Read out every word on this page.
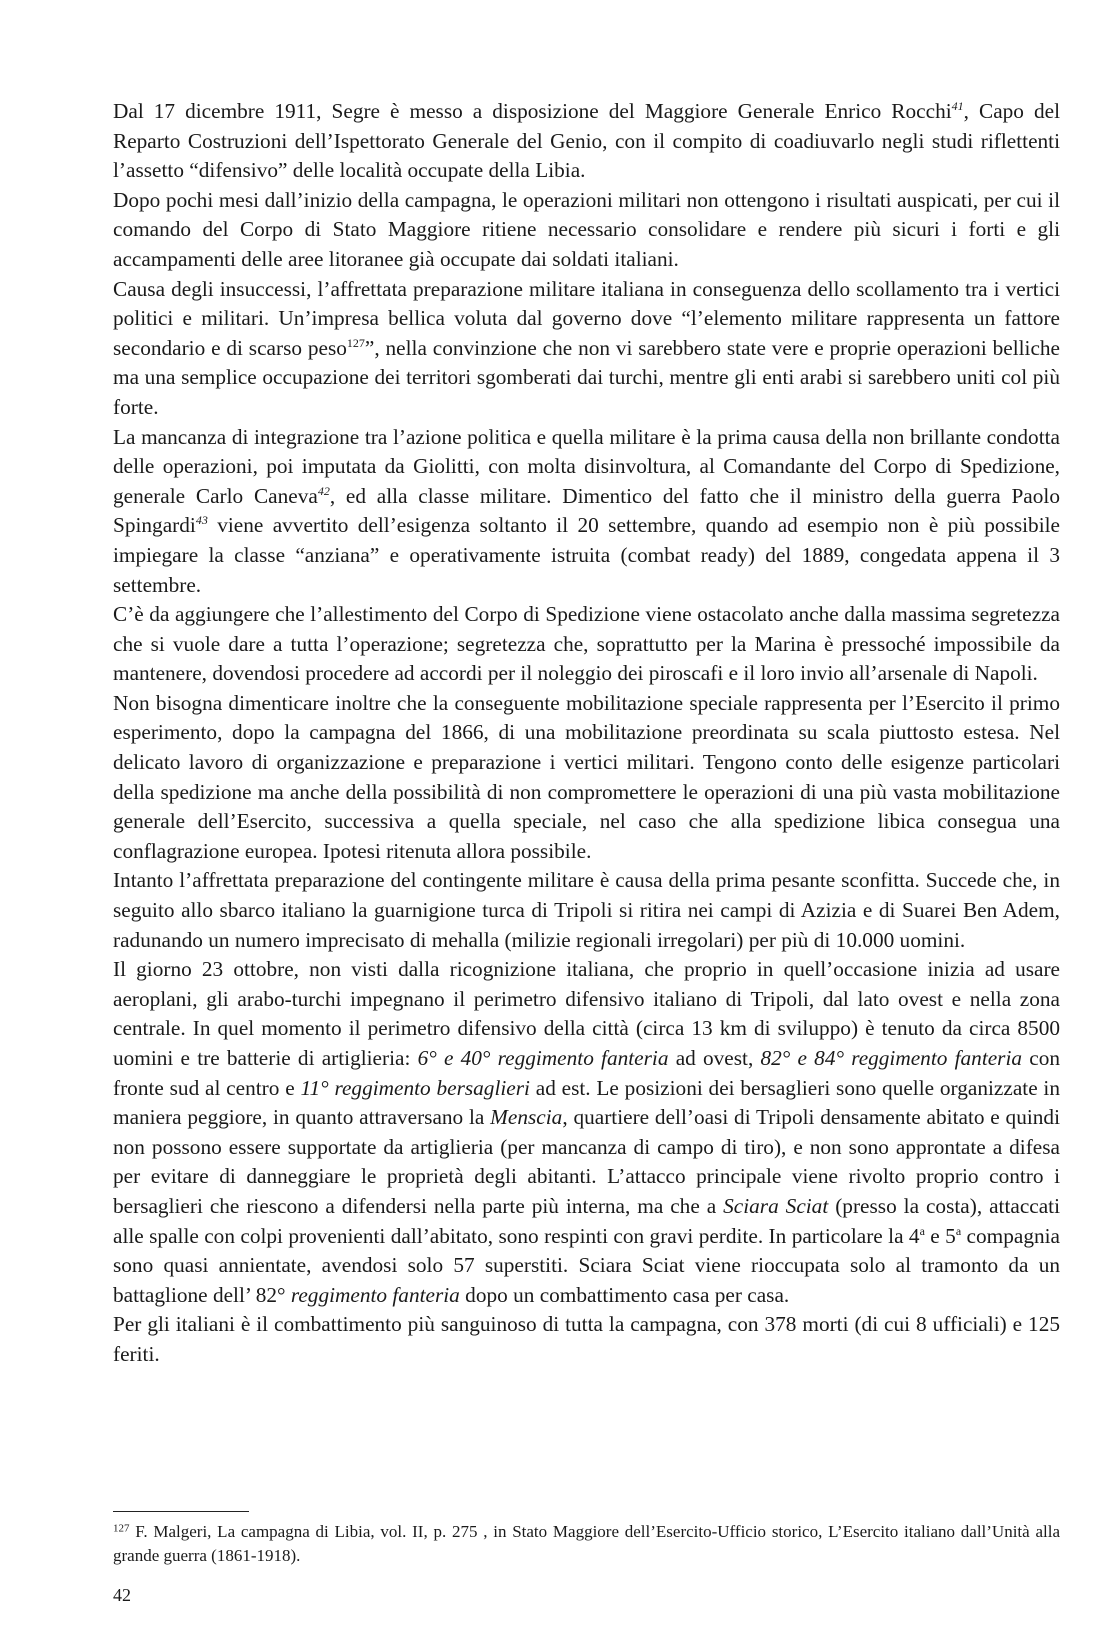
Dal 17 dicembre 1911, Segre è messo a disposizione del Maggiore Generale Enrico Rocchi$^{41}$, Capo del Reparto Costruzioni dell’Ispettorato Generale del Genio, con il compito di coadiuvarlo negli studi riflettenti l’assetto “difensivo” delle località occupate della Libia.

Dopo pochi mesi dall’inizio della campagna, le operazioni militari non ottengono i risultati auspicati, per cui il comando del Corpo di Stato Maggiore ritiene necessario consolidare e rendere più sicuri i forti e gli accampamenti delle aree litoranee già occupate dai soldati italiani.

Causa degli insuccessi, l’affrettata preparazione militare italiana in conseguenza dello scollamento tra i vertici politici e militari. Un’impresa bellica voluta dal governo dove “l’elemento militare rappresenta un fattore secondario e di scarso peso$^{127}$”, nella convinzione che non vi sarebbero state vere e proprie operazioni belliche ma una semplice occupazione dei territori sgomberati dai turchi, mentre gli enti arabi si sarebbero uniti col più forte.

La mancanza di integrazione tra l’azione politica e quella militare è la prima causa della non brillante condotta delle operazioni, poi imputata da Giolitti, con molta disinvoltura, al Comandante del Corpo di Spedizione, generale Carlo Caneva$^{42}$, ed alla classe militare. Dimentico del fatto che il ministro della guerra Paolo Spingardi$^{43}$ viene avvertito dell’esigenza soltanto il 20 settembre, quando ad esempio non è più possibile impiegare la classe “anziana” e operativamente istruita (combat ready) del 1889, congedata appena il 3 settembre.

C’è da aggiungere che l’allestimento del Corpo di Spedizione viene ostacolato anche dalla massima segretezza che si vuole dare a tutta l’operazione; segretezza che, soprattutto per la Marina è pressoché impossibile da mantenere, dovendosi procedere ad accordi per il noleggio dei piroscafi e il loro invio all’arsenale di Napoli.

Non bisogna dimenticare inoltre che la conseguente mobilitazione speciale rappresenta per l’Esercito il primo esperimento, dopo la campagna del 1866, di una mobilitazione preordinata su scala piuttosto estesa. Nel delicato lavoro di organizzazione e preparazione i vertici militari. Tengono conto delle esigenze particolari della spedizione ma anche della possibilità di non compromettere le operazioni di una più vasta mobilitazione generale dell’Esercito, successiva a quella speciale, nel caso che alla spedizione libica consegua una conflagrazione europea. Ipotesi ritenuta allora possibile.

Intanto l’affrettata preparazione del contingente militare è causa della prima pesante sconfitta. Succede che, in seguito allo sbarco italiano la guarnigione turca di Tripoli si ritira nei campi di Azizia e di Suarei Ben Adem, radunando un numero imprecisato di mehalla (milizie regionali irregolari) per più di 10.000 uomini.

Il giorno 23 ottobre, non visti dalla ricognizione italiana, che proprio in quell’occasione inizia ad usare aeroplani, gli arabo-turchi impegnano il perimetro difensivo italiano di Tripoli, dal lato ovest e nella zona centrale. In quel momento il perimetro difensivo della città (circa 13 km di sviluppo) è tenuto da circa 8500 uomini e tre batterie di artiglieria: 6° e 40° reggimento fanteria ad ovest, 82° e 84° reggimento fanteria con fronte sud al centro e 11° reggimento bersaglieri ad est. Le posizioni dei bersaglieri sono quelle organizzate in maniera peggiore, in quanto attraversano la Menscia, quartiere dell’oasi di Tripoli densamente abitato e quindi non possono essere supportate da artiglieria (per mancanza di campo di tiro), e non sono approntate a difesa per evitare di danneggiare le proprietà degli abitanti. L’attacco principale viene rivolto proprio contro i bersaglieri che riescono a difendersi nella parte più interna, ma che a Sciara Sciat (presso la costa), attaccati alle spalle con colpi provenienti dall’abitato, sono respinti con gravi perdite. In particolare la 4$^a$ e 5$^a$ compagnia sono quasi annientate, avendosi solo 57 superstiti. Sciara Sciat viene rioccupata solo al tramonto da un battaglione dell’ 82° reggimento fanteria dopo un combattimento casa per casa.

Per gli italiani è il combattimento più sanguinoso di tutta la campagna, con 378 morti (di cui 8 ufficiali) e 125 feriti.

$^{127}$ F. Malgeri, La campagna di Libia, vol. II, p. 275 , in Stato Maggiore dell’Esercito-Ufficio storico, L’Esercito italiano dall’Unità alla grande guerra (1861-1918).
42
